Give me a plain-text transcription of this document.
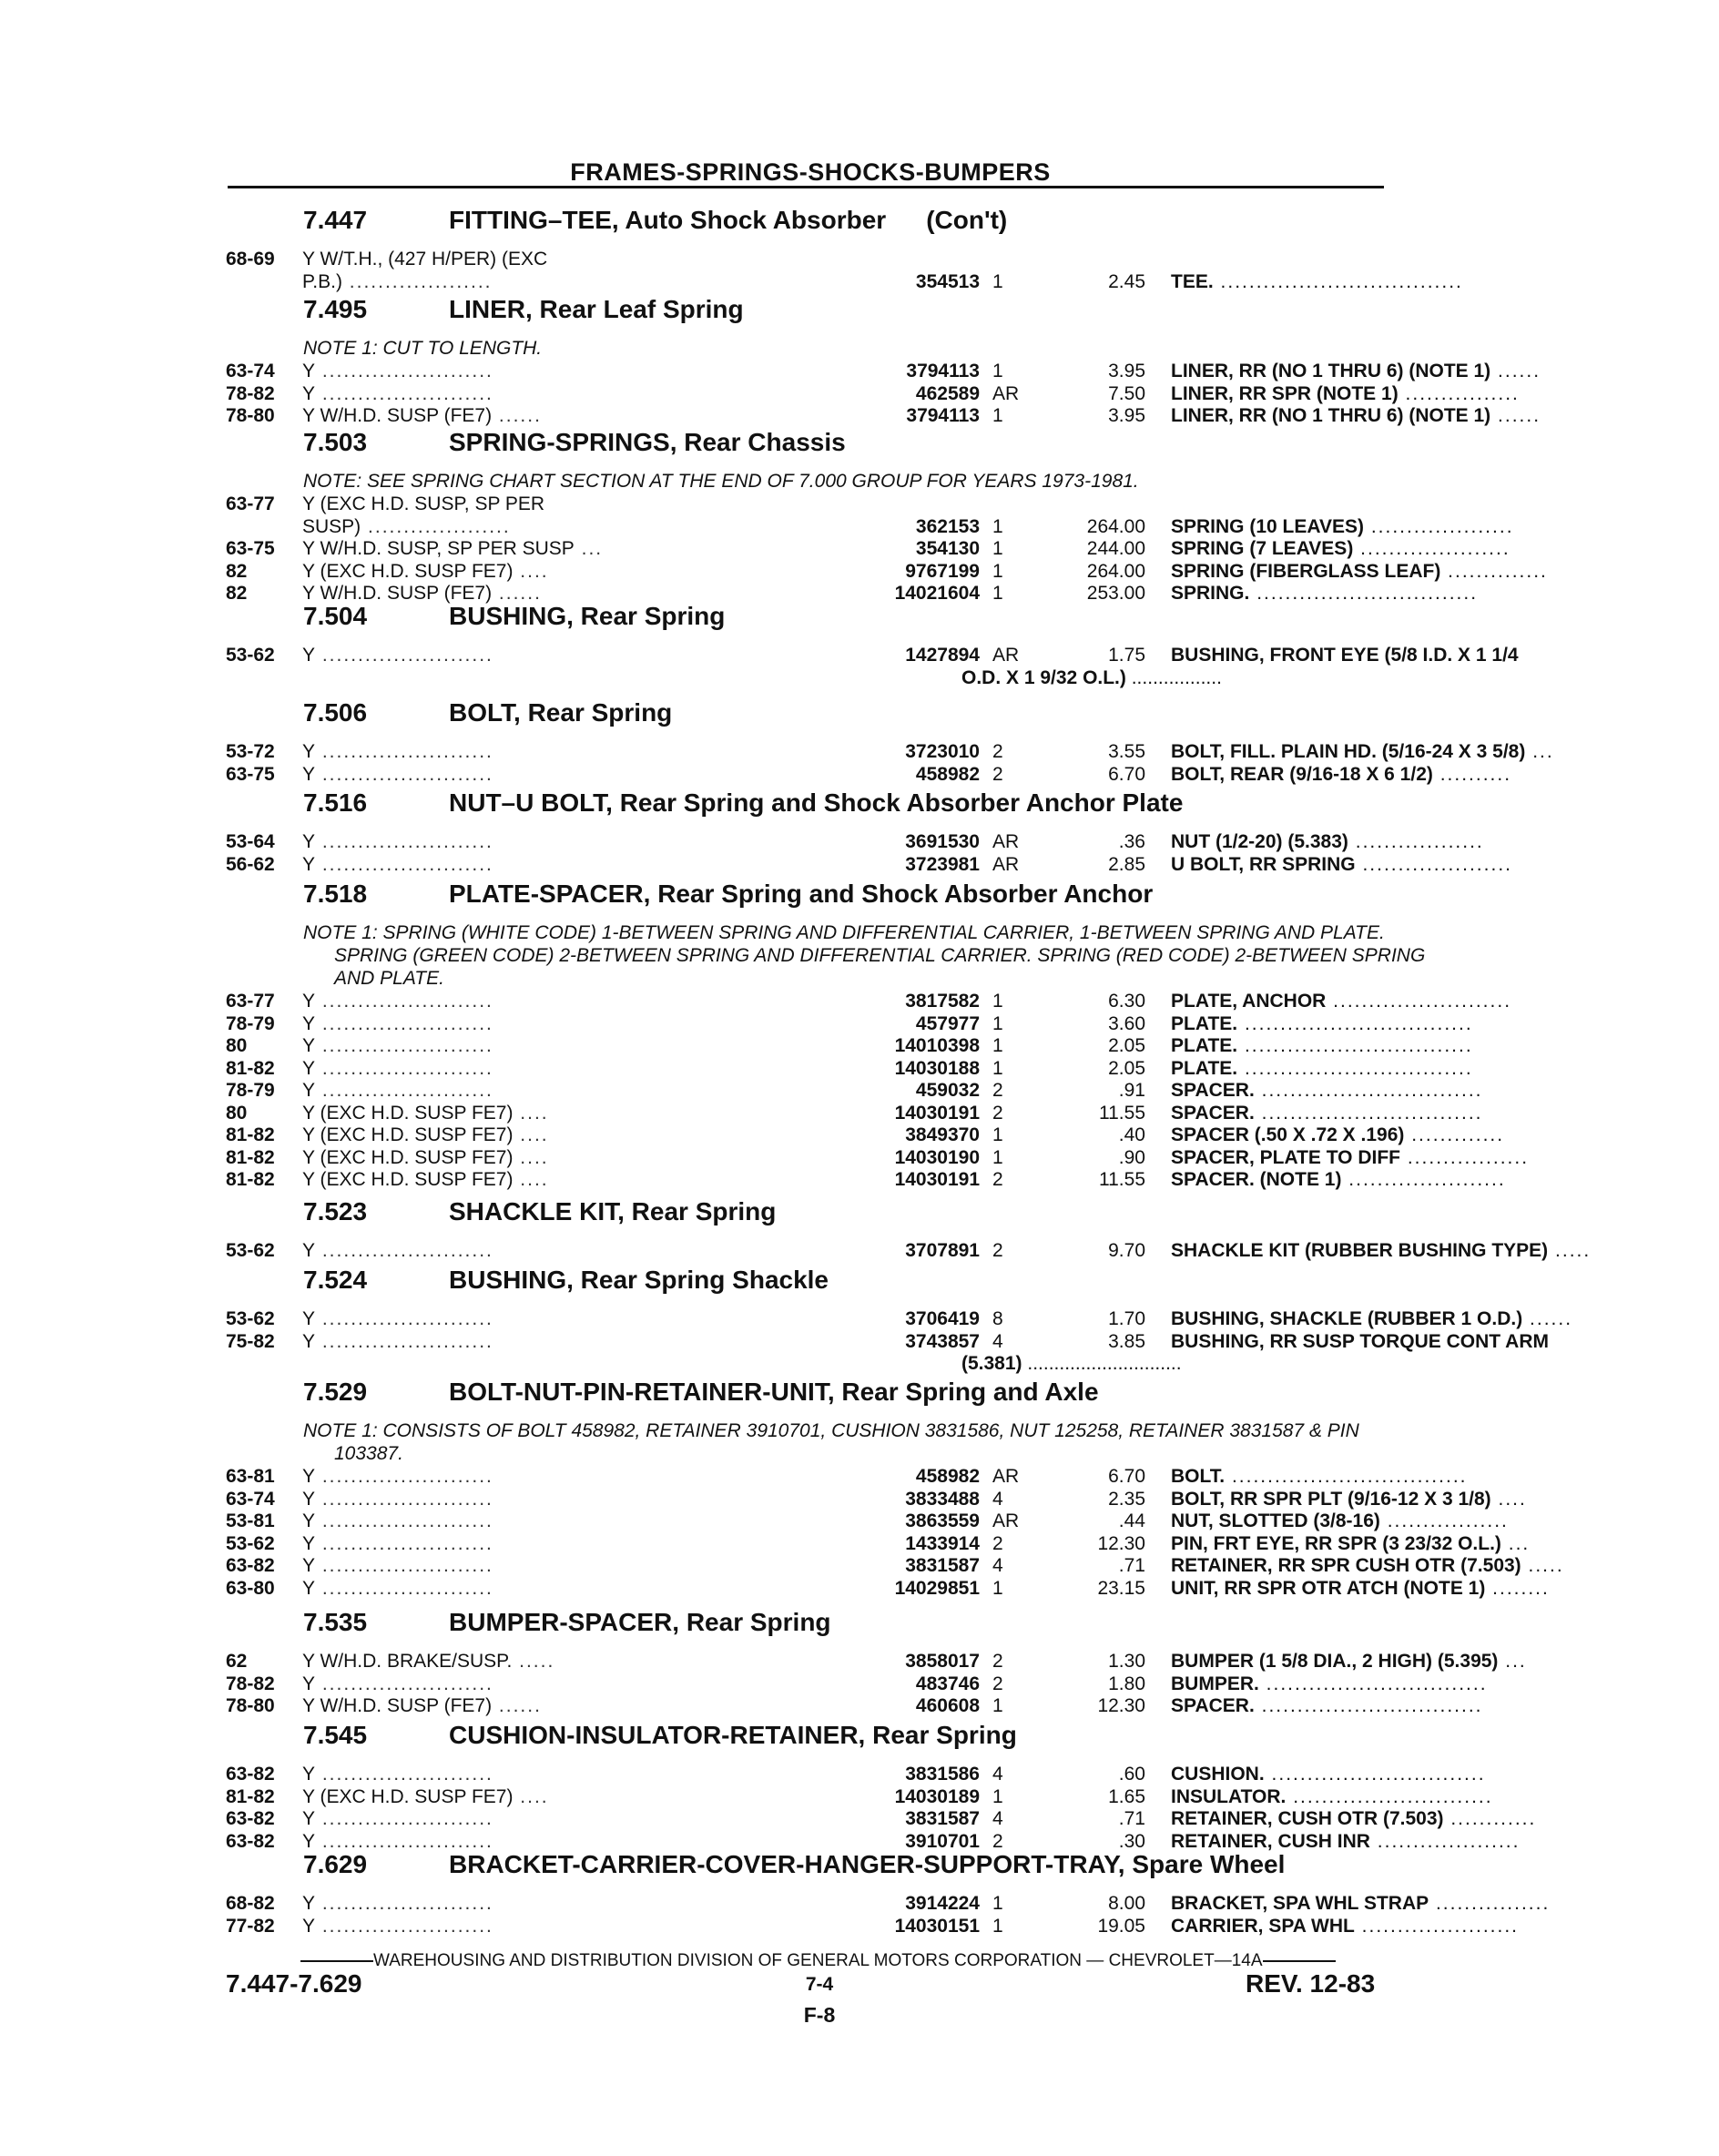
FRAMES-SPRINGS-SHOCKS-BUMPERS
7.447	FITTING–TEE, Auto Shock Absorber (Con't)
68-69	Y W/T.H., (427 H/PER) (EXC
P.B.) ....................	354513 1	2.45 TEE. ..................................
7.495	LINER, Rear Leaf Spring
NOTE 1: CUT TO LENGTH.
63-74	Y ........................	3794113 1	3.95 LINER, RR (NO 1 THRU 6) (NOTE 1) ......
78-82	Y ........................	462589 AR	7.50 LINER, RR SPR (NOTE 1) ................
78-80	Y W/H.D. SUSP (FE7) ......	3794113 1	3.95 LINER, RR (NO 1 THRU 6) (NOTE 1) ......
7.503	SPRING-SPRINGS, Rear Chassis
NOTE: SEE SPRING CHART SECTION AT THE END OF 7.000 GROUP FOR YEARS 1973-1981.
63-77	Y (EXC H.D. SUSP, SP PER
SUSP) ....................	362153 1	264.00 SPRING (10 LEAVES) ....................
63-75	Y W/H.D. SUSP, SP PER SUSP ...	354130 1	244.00 SPRING (7 LEAVES) .....................
82	Y (EXC H.D. SUSP FE7) ....	9767199 1	264.00 SPRING (FIBERGLASS LEAF) ..............
82	Y W/H.D. SUSP (FE7) ......	14021604 1	253.00 SPRING. ...............................
7.504	BUSHING, Rear Spring
53-62	Y ........................	1427894 AR	1.75 BUSHING, FRONT EYE (5/8 I.D. X 1 1/4
O.D. X 1 9/32 O.L.) .................
7.506	BOLT, Rear Spring
53-72	Y ........................	3723010 2	3.55 BOLT, FILL. PLAIN HD. (5/16-24 X 3 5/8) ...
63-75	Y ........................	458982 2	6.70 BOLT, REAR (9/16-18 X 6 1/2) ..........
7.516	NUT–U BOLT, Rear Spring and Shock Absorber Anchor Plate
53-64	Y ........................	3691530 AR	.36 NUT (1/2-20) (5.383) ..................
56-62	Y ........................	3723981 AR	2.85 U BOLT, RR SPRING .....................
7.518	PLATE-SPACER, Rear Spring and Shock Absorber Anchor
NOTE 1: SPRING (WHITE CODE) 1-BETWEEN SPRING AND DIFFERENTIAL CARRIER, 1-BETWEEN SPRING AND PLATE. SPRING (GREEN CODE) 2-BETWEEN SPRING AND DIFFERENTIAL CARRIER. SPRING (RED CODE) 2-BETWEEN SPRING AND PLATE.
63-77	Y ........................	3817582 1	6.30 PLATE, ANCHOR .........................
78-79	Y ........................	457977 1	3.60 PLATE. ................................
80	Y ........................	14010398 1	2.05 PLATE. ................................
81-82	Y ........................	14030188 1	2.05 PLATE. ................................
78-79	Y ........................	459032 2	.91 SPACER. ...............................
80	Y (EXC H.D. SUSP FE7) ....	14030191 2	11.55 SPACER. ...............................
81-82	Y (EXC H.D. SUSP FE7) ....	3849370 1	.40 SPACER (.50 X .72 X .196) .............
81-82	Y (EXC H.D. SUSP FE7) ....	14030190 1	.90 SPACER, PLATE TO DIFF .................
81-82	Y (EXC H.D. SUSP FE7) ....	14030191 2	11.55 SPACER. (NOTE 1) ......................
7.523	SHACKLE KIT, Rear Spring
53-62	Y ........................	3707891 2	9.70 SHACKLE KIT (RUBBER BUSHING TYPE) .....
7.524	BUSHING, Rear Spring Shackle
53-62	Y ........................	3706419 8	1.70 BUSHING, SHACKLE (RUBBER 1 O.D.) ......
75-82	Y ........................	3743857 4	3.85 BUSHING, RR SUSP TORQUE CONT ARM
(5.381) .............................
7.529	BOLT-NUT-PIN-RETAINER-UNIT, Rear Spring and Axle
NOTE 1: CONSISTS OF BOLT 458982, RETAINER 3910701, CUSHION 3831586, NUT 125258, RETAINER 3831587 & PIN 103387.
63-81	Y ........................	458982 AR	6.70 BOLT. .................................
63-74	Y ........................	3833488 4	2.35 BOLT, RR SPR PLT (9/16-12 X 3 1/8) ....
53-81	Y ........................	3863559 AR	.44 NUT, SLOTTED (3/8-16) .................
53-62	Y ........................	1433914 2	12.30 PIN, FRT EYE, RR SPR (3 23/32 O.L.) ...
63-82	Y ........................	3831587 4	.71 RETAINER, RR SPR CUSH OTR (7.503) .....
63-80	Y ........................	14029851 1	23.15 UNIT, RR SPR OTR ATCH (NOTE 1) ........
7.535	BUMPER-SPACER, Rear Spring
62	Y W/H.D. BRAKE/SUSP. .....	3858017 2	1.30 BUMPER (1 5/8 DIA., 2 HIGH) (5.395) ...
78-82	Y ........................	483746 2	1.80 BUMPER. ...............................
78-80	Y W/H.D. SUSP (FE7) ......	460608 1	12.30 SPACER. ...............................
7.545	CUSHION-INSULATOR-RETAINER, Rear Spring
63-82	Y ........................	3831586 4	.60 CUSHION. ..............................
81-82	Y (EXC H.D. SUSP FE7) ....	14030189 1	1.65 INSULATOR. ............................
63-82	Y ........................	3831587 4	.71 RETAINER, CUSH OTR (7.503) ............
63-82	Y ........................	3910701 2	.30 RETAINER, CUSH INR ....................
7.629	BRACKET-CARRIER-COVER-HANGER-SUPPORT-TRAY, Spare Wheel
68-82	Y ........................	3914224 1	8.00 BRACKET, SPA WHL STRAP ................
77-82	Y ........................	14030151 1	19.05 CARRIER, SPA WHL ......................
WAREHOUSING AND DISTRIBUTION DIVISION OF GENERAL MOTORS CORPORATION — CHEVROLET—14A
7.447-7.629	7-4	REV. 12-83
F-8
